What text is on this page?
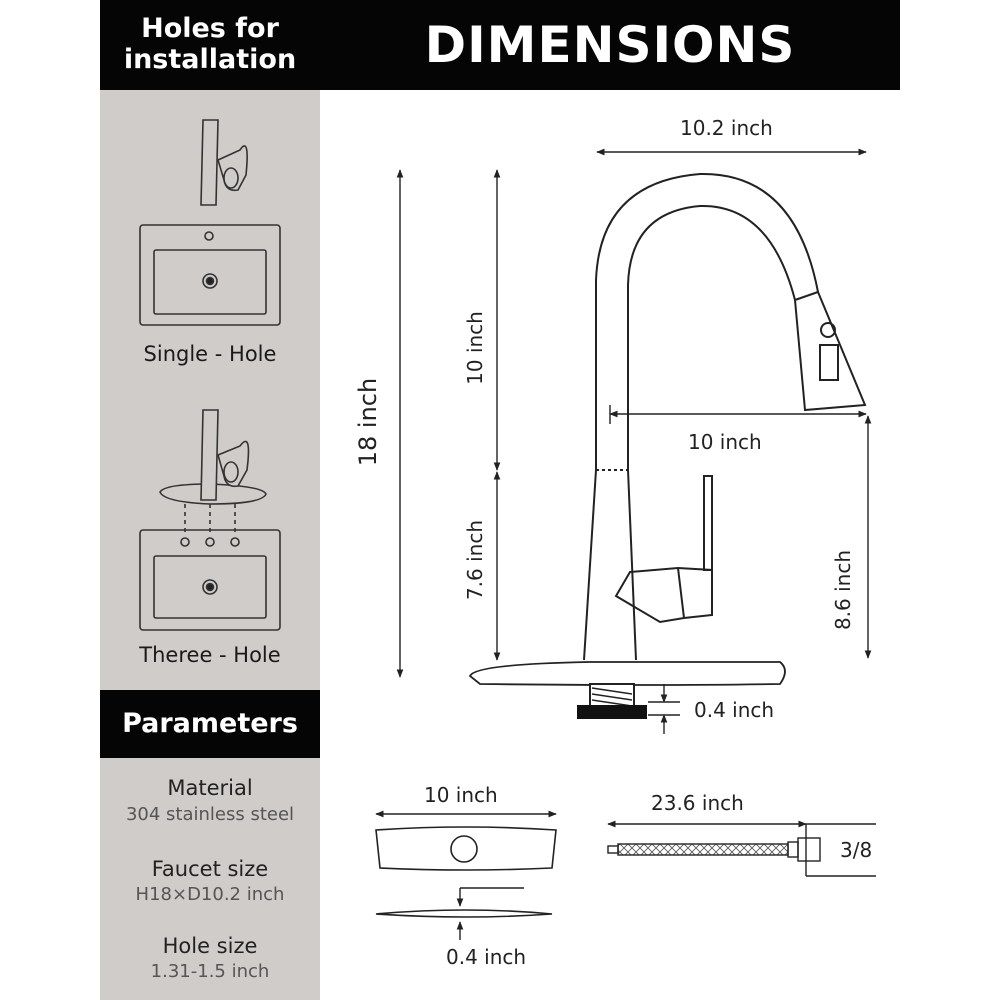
Holes for
installation	DIMENSIONS
Parameters
Single - Hole
Theree - Hole
Material
304 stainless steel
Faucet size
H18×D10.2 inch
Hole size
1.31-1.5 inch
10.2 inch
18 inch
10 inch
7.6 inch
10 inch
8.6 inch
0.4 inch
10 inch
0.4 inch
23.6 inch
3/8
